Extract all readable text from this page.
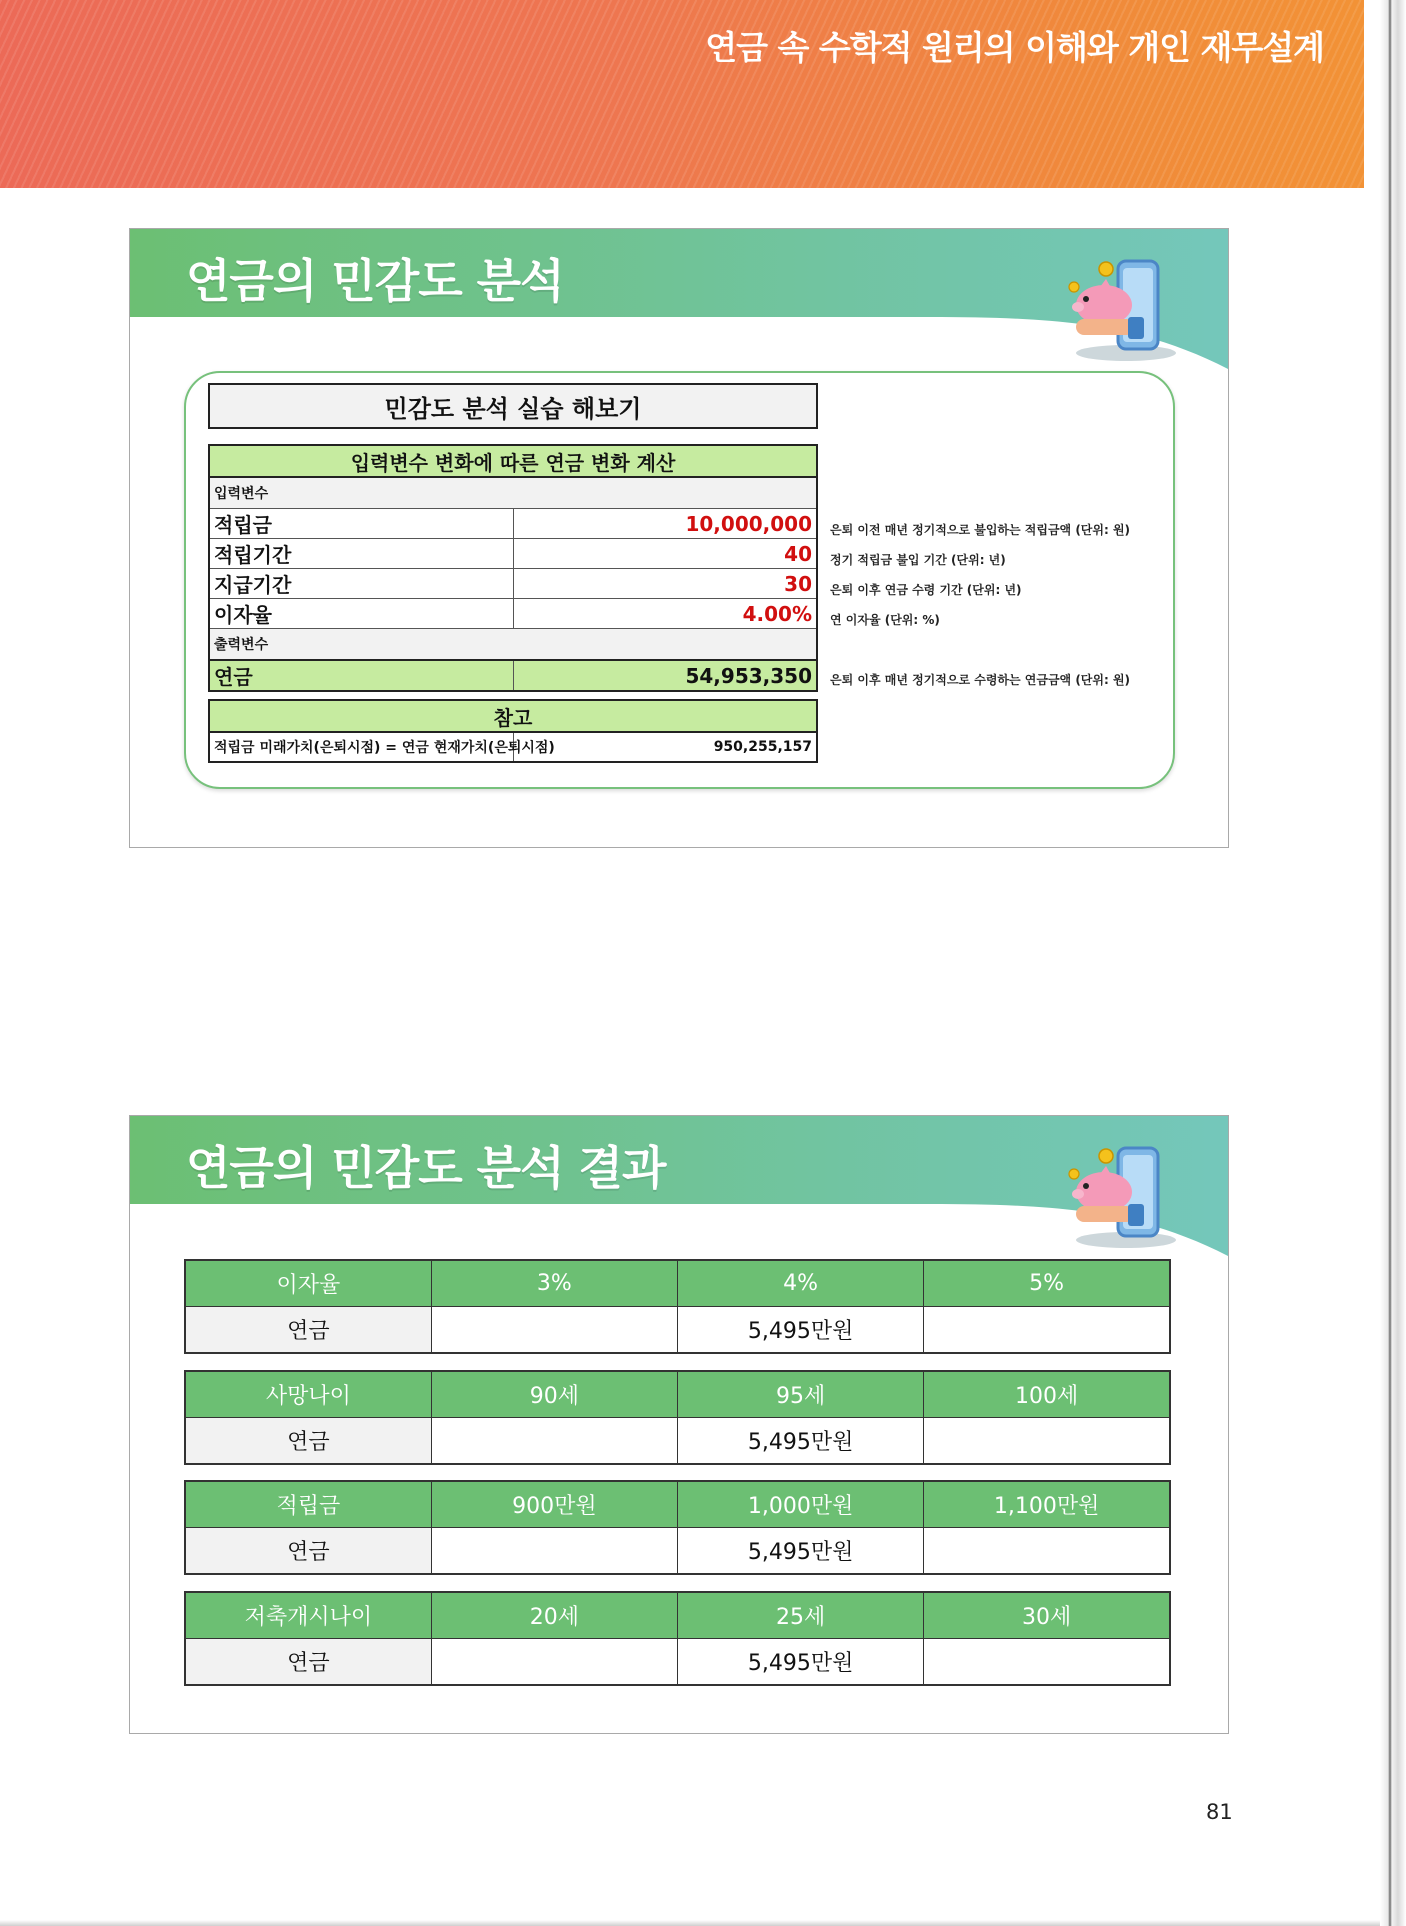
연금 속 수학적 원리의 이해와 개인 재무설계
연금의 민감도 분석
민감도 분석 실습 해보기
입력변수 변화에 따른 연금 변화 계산	
입력변수	
적립금	10,000,000
적립기간	40
지급기간	30
이자율	4.00%
출력변수	
연금	54,953,350
은퇴 이전 매년 정기적으로 불입하는 적립금액 (단위: 원)
정기 적립금 불입 기간 (단위: 년)
은퇴 이후 연금 수령 기간 (단위: 년)
연 이자율 (단위: %)
은퇴 이후 매년 정기적으로 수령하는 연금금액 (단위: 원)
참고
적립금 미래가치(은퇴시점) = 연금 현재가치(은퇴시점)	950,255,157
연금의 민감도 분석 결과
이자율	3%	4%	5%
연금		5,495만원	
사망나이	90세	95세	100세
연금		5,495만원	
적립금	900만원	1,000만원	1,100만원
연금		5,495만원	
저축개시나이	20세	25세	30세
연금		5,495만원	
81
